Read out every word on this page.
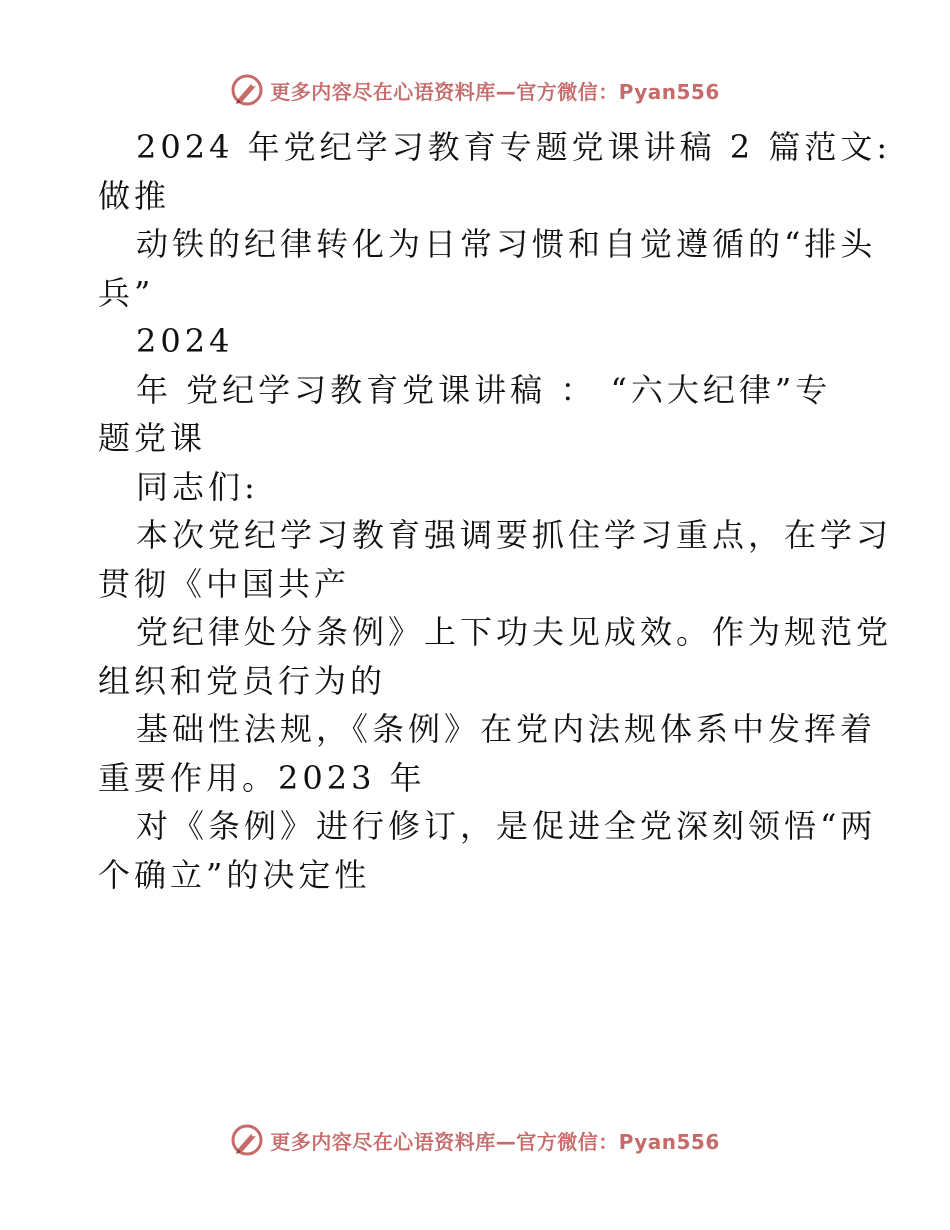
更多内容尽在心语资料库—官方微信：Pyan556
2024 年党纪学习教育专题党课讲稿 2 篇范文:
做推
动铁的纪律转化为日常习惯和自觉遵循的“排头
兵”
2024
年 党纪学习教育党课讲稿 ： “六大纪律”专
题党课
同志们:
本次党纪学习教育强调要抓住学习重点，在学习
贯彻《中国共产
党纪律处分条例》上下功夫见成效。作为规范党
组织和党员行为的
基础性法规，《条例》在党内法规体系中发挥着
重要作用。2023 年
对《条例》进行修订，是促进全党深刻领悟“两
个确立”的决定性
更多内容尽在心语资料库—官方微信：Pyan556
